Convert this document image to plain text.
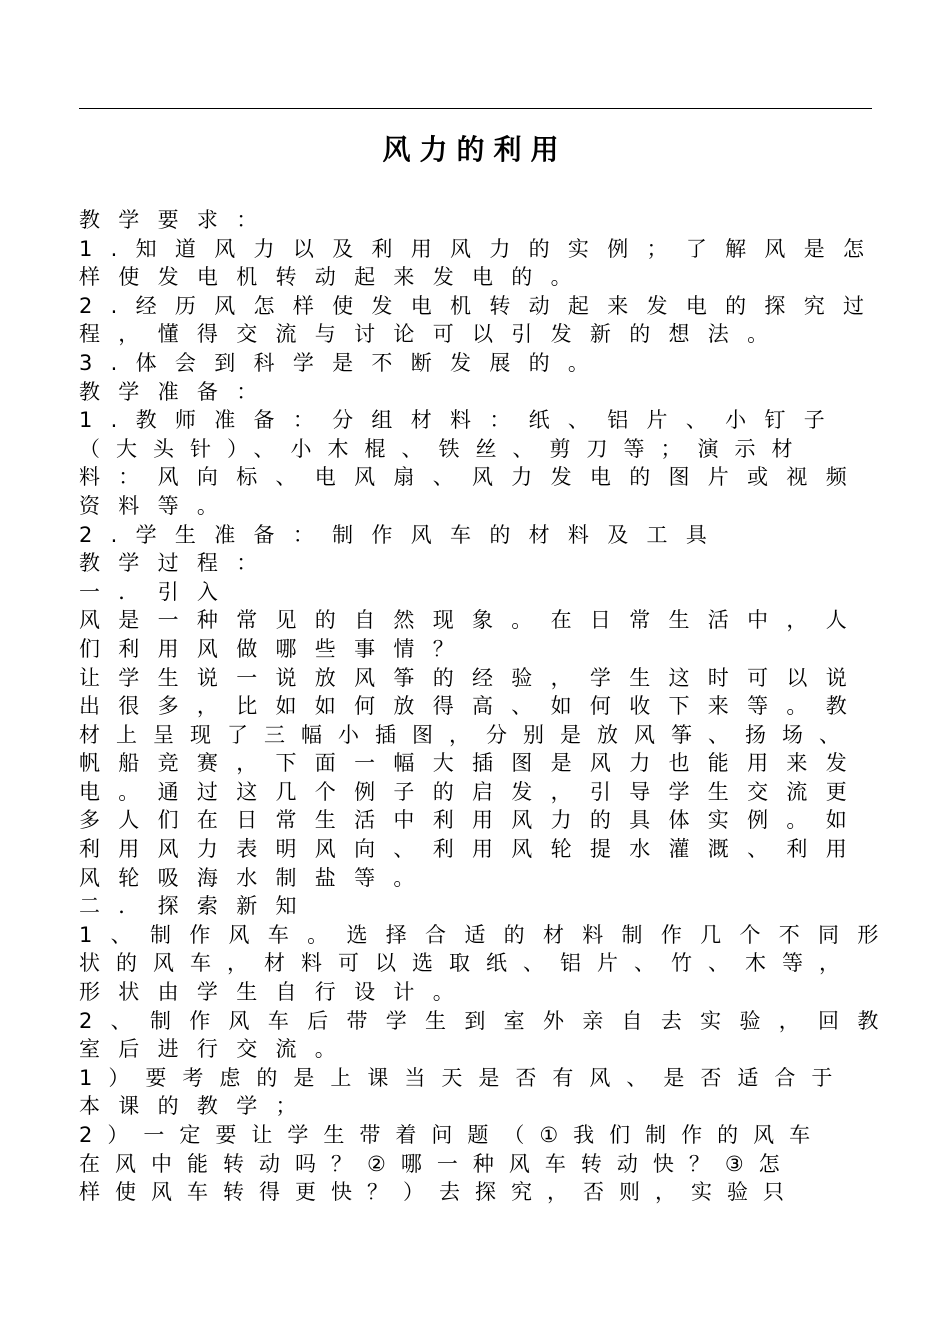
风力的利用
教学要求：
1.知道风力以及利用风力的实例；了解风是怎
样使发电机转动起来发电的。
2.经历风怎样使发电机转动起来发电的探究过
程，懂得交流与讨论可以引发新的想法。
3.体会到科学是不断发展的。
教学准备：
1.教师准备：分组材料：纸、铝片、小钉子
（大头针）、小木棍、铁丝、剪刀等；演示材
料：风向标、电风扇、风力发电的图片或视频
资料等。
2.学生准备：制作风车的材料及工具
教学过程：
一．引入
风是一种常见的自然现象。在日常生活中，人
们利用风做哪些事情？
让学生说一说放风筝的经验，学生这时可以说
出很多，比如如何放得高、如何收下来等。教
材上呈现了三幅小插图，分别是放风筝、扬场、
帆船竞赛，下面一幅大插图是风力也能用来发
电。通过这几个例子的启发，引导学生交流更
多人们在日常生活中利用风力的具体实例。如
利用风力表明风向、利用风轮提水灌溉、利用
风轮吸海水制盐等。
二．探索新知
1、制作风车。选择合适的材料制作几个不同形
状的风车，材料可以选取纸、铝片、竹、木等，
形状由学生自行设计。
2、制作风车后带学生到室外亲自去实验，回教
室后进行交流。
1）要考虑的是上课当天是否有风、是否适合于
本课的教学；
2）一定要让学生带着问题（①我们制作的风车
在风中能转动吗？②哪一种风车转动快？③怎
样使风车转得更快？）去探究，否则，实验只
